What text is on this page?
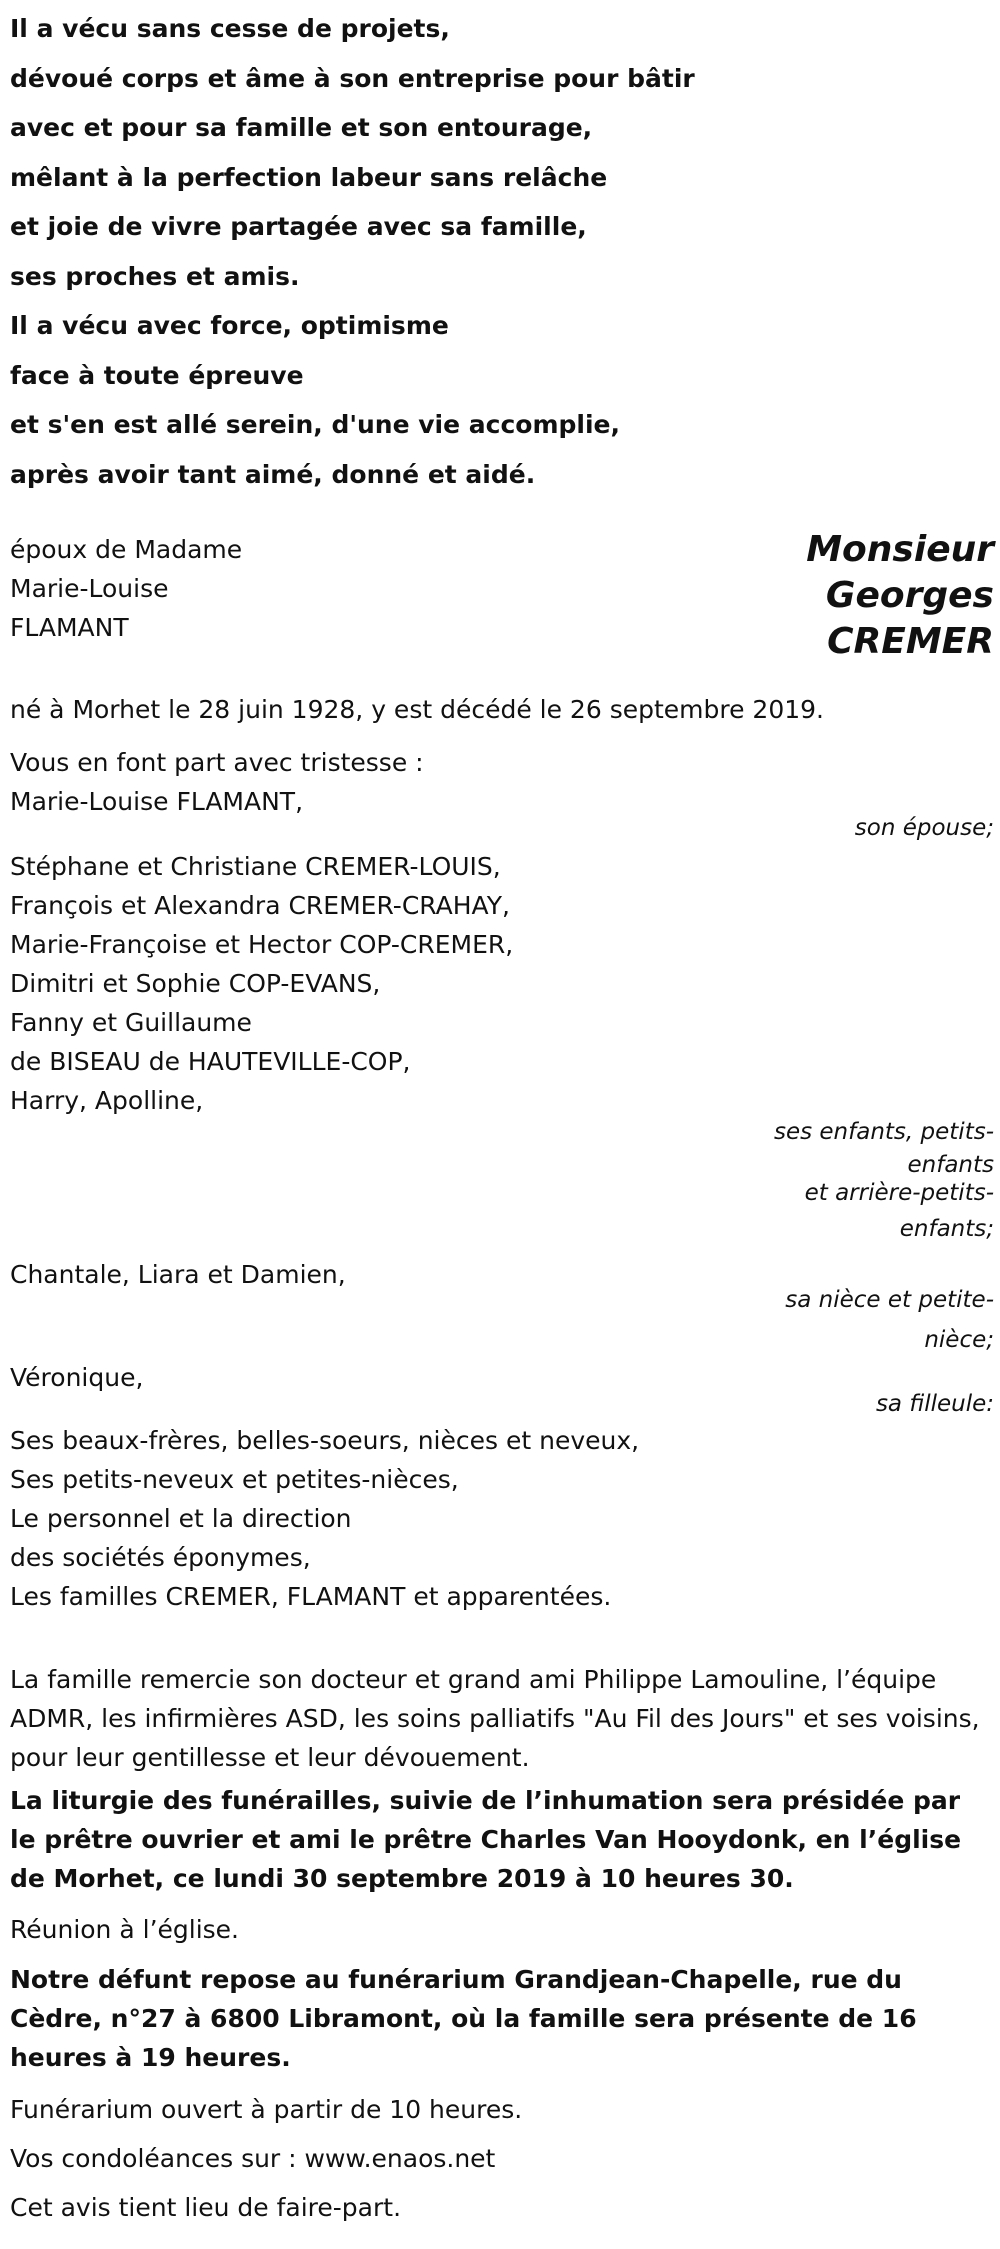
Il a vécu sans cesse de projets,
dévoué corps et âme à son entreprise pour bâtir
avec et pour sa famille et son entourage,
mêlant à la perfection labeur sans relâche
et joie de vivre partagée avec sa famille,
ses proches et amis.
Il a vécu avec force, optimisme
face à toute épreuve
et s'en est allé serein, d'une vie accomplie,
après avoir tant aimé, donné et aidé.
époux de Madame
Marie-Louise
FLAMANT
Monsieur
Georges
CREMER
né à Morhet le 28 juin 1928, y est décédé le 26 septembre 2019.
Vous en font part avec tristesse :
Marie-Louise FLAMANT,
son épouse;
Stéphane et Christiane CREMER-LOUIS,
François et Alexandra CREMER-CRAHAY,
Marie-Françoise et Hector COP-CREMER,
Dimitri et Sophie COP-EVANS,
Fanny et Guillaume
de BISEAU de HAUTEVILLE-COP,
Harry, Apolline,
ses enfants, petits-
enfants
et arrière-petits-
enfants;
Chantale, Liara et Damien,
sa nièce et petite-
nièce;
Véronique,
sa filleule:
Ses beaux-frères, belles-soeurs, nièces et neveux,
Ses petits-neveux et petites-nièces,
Le personnel et la direction
des sociétés éponymes,
Les familles CREMER, FLAMANT et apparentées.
La famille remercie son docteur et grand ami Philippe Lamouline, l’équipe ADMR, les infirmières ASD, les soins palliatifs "Au Fil des Jours" et ses voisins, pour leur gentillesse et leur dévouement.
La liturgie des funérailles, suivie de l’inhumation sera présidée par le prêtre ouvrier et ami le prêtre Charles Van Hooydonk, en l’église de Morhet, ce lundi 30 septembre 2019 à 10 heures 30.
Réunion à l’église.
Notre défunt repose au funérarium Grandjean-Chapelle, rue du Cèdre, n°27 à 6800 Libramont, où la famille sera présente de 16 heures à 19 heures.
Funérarium ouvert à partir de 10 heures.
Vos condoléances sur : www.enaos.net
Cet avis tient lieu de faire-part.
